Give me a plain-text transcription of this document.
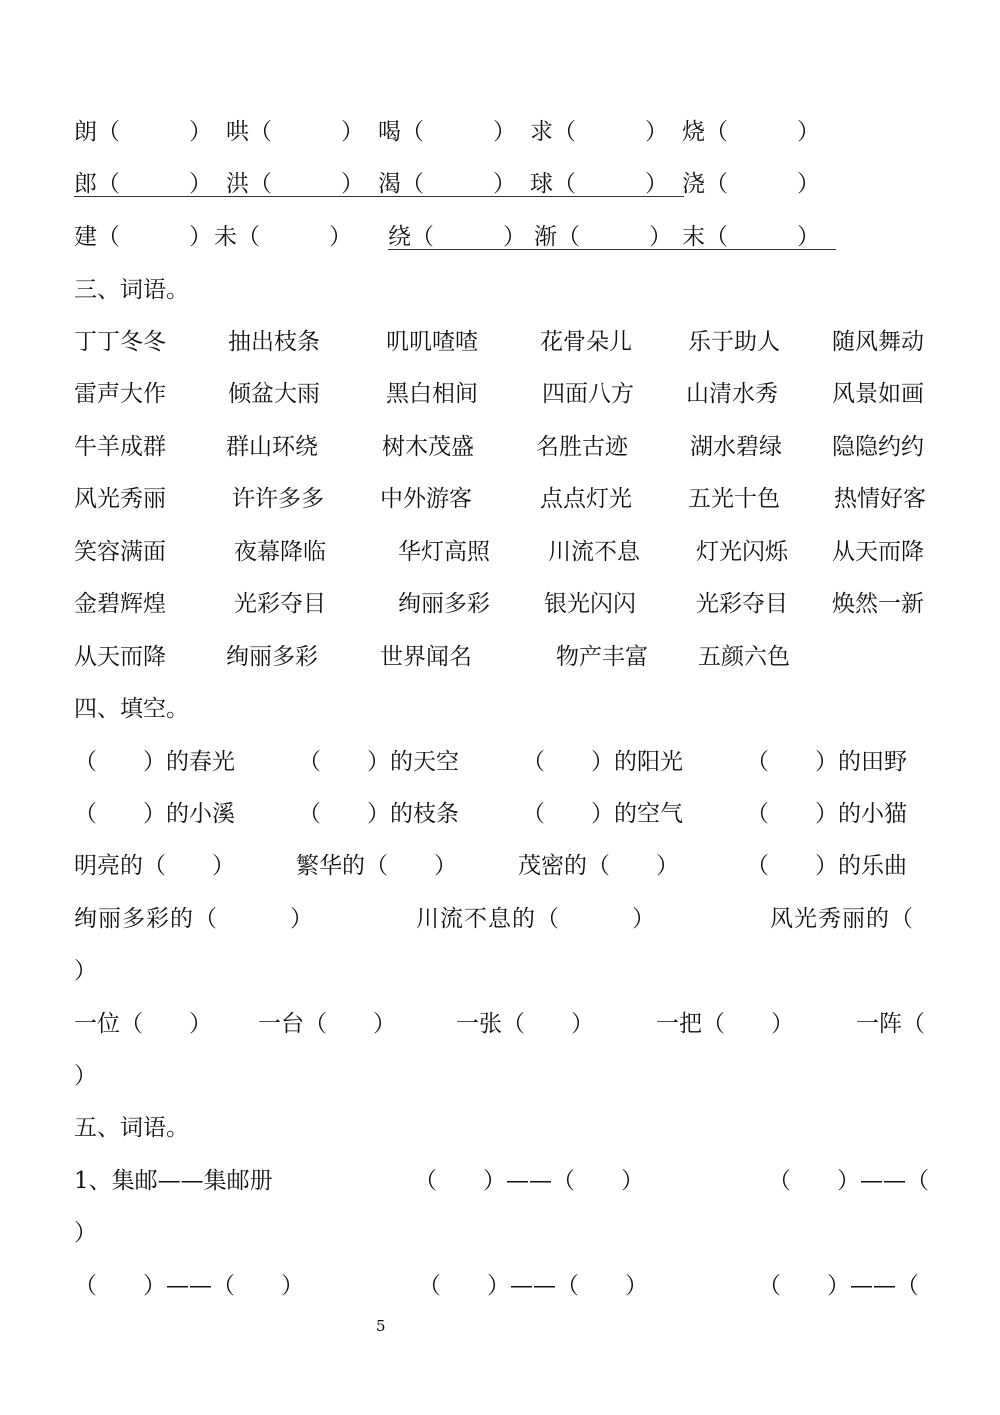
朗（　　　） 哄（　　　） 喝（　　　） 求（　　　） 烧（　　　）
郎（　　　） 洪（　　　） 渴（　　　） 球（　　　） 浇（　　　）
建（　　　） 未（　　　） 绕（　　　） 渐（　　　） 末（　　　）
三、词语。
丁丁冬冬	抽出枝条	叽叽喳喳	花骨朵儿 乐于助人 随风舞动
雷声大作	倾盆大雨	黑白相间	四面八方 山清水秀 风景如画
牛羊成群	群山环绕	树木茂盛	名胜古迹	湖水碧绿 隐隐约约
风光秀丽	许许多多 中外游客	点点灯光 五光十色 热情好客
笑容满面	夜幕降临	华灯高照	川流不息 灯光闪烁 从天而降
金碧辉煌	光彩夺目	绚丽多彩 银光闪闪	光彩夺目 焕然一新
从天而降	绚丽多彩	世界闻名	物产丰富 五颜六色
四、填空。
（　　）的春光	（　　）的天空	（　　）的阳光	（　　）的田野
（　　）的小溪	（　　）的枝条	（　　）的空气	（　　）的小猫
明亮的（　　）	繁华的（　　）	茂密的（　　）	（　　）的乐曲
绚丽多彩的（　　　）	川流不息的（　　　）	风光秀丽的（
）
一位（　　） 一台（　　）	一张（　　）	一把（　　）	一阵（
）
五、词语。
1、集邮——集邮册	（　　）——（　　）	（　　）——（
）
（　　）——（　　）	（　　）——（　　）	（　　）——（
5
